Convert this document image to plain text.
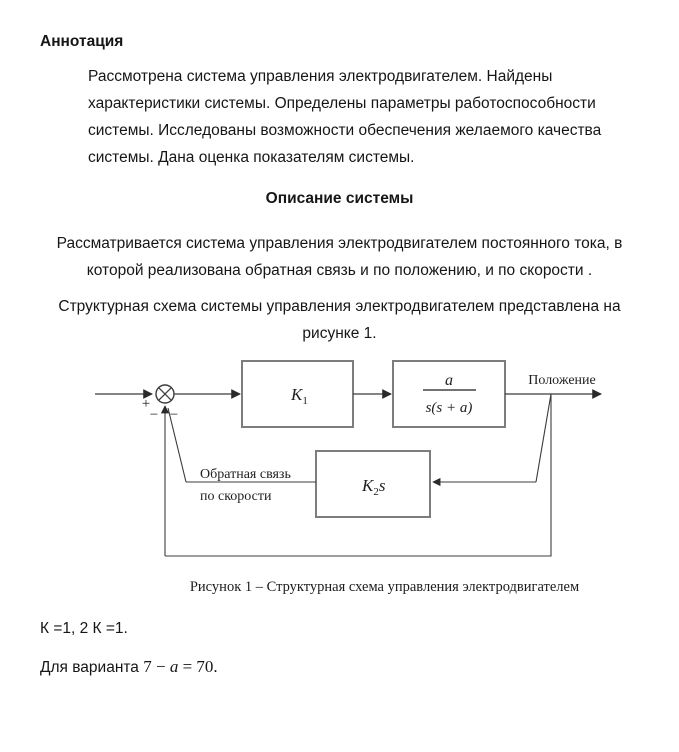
Аннотация
Рассмотрена система управления электродвигателем. Найдены
характеристики системы. Определены параметры работоспособности
системы. Исследованы возможности обеспечения желаемого качества
системы. Дана оценка показателям системы.
Описание системы
Рассматривается система управления электродвигателем постоянного тока, в
которой реализована обратная связь и по положению, и по скорости .
Структурная схема системы управления электродвигателем представлена на
рисунке 1.
+
− −
$K_1$
a
s(s + a)
Положение
$K_2s$
Обратная связь
по скорости
Рисунок 1 – Структурная схема управления электродвигателем
К =1, 2 К =1.
Для варианта 7 − a = 70.
